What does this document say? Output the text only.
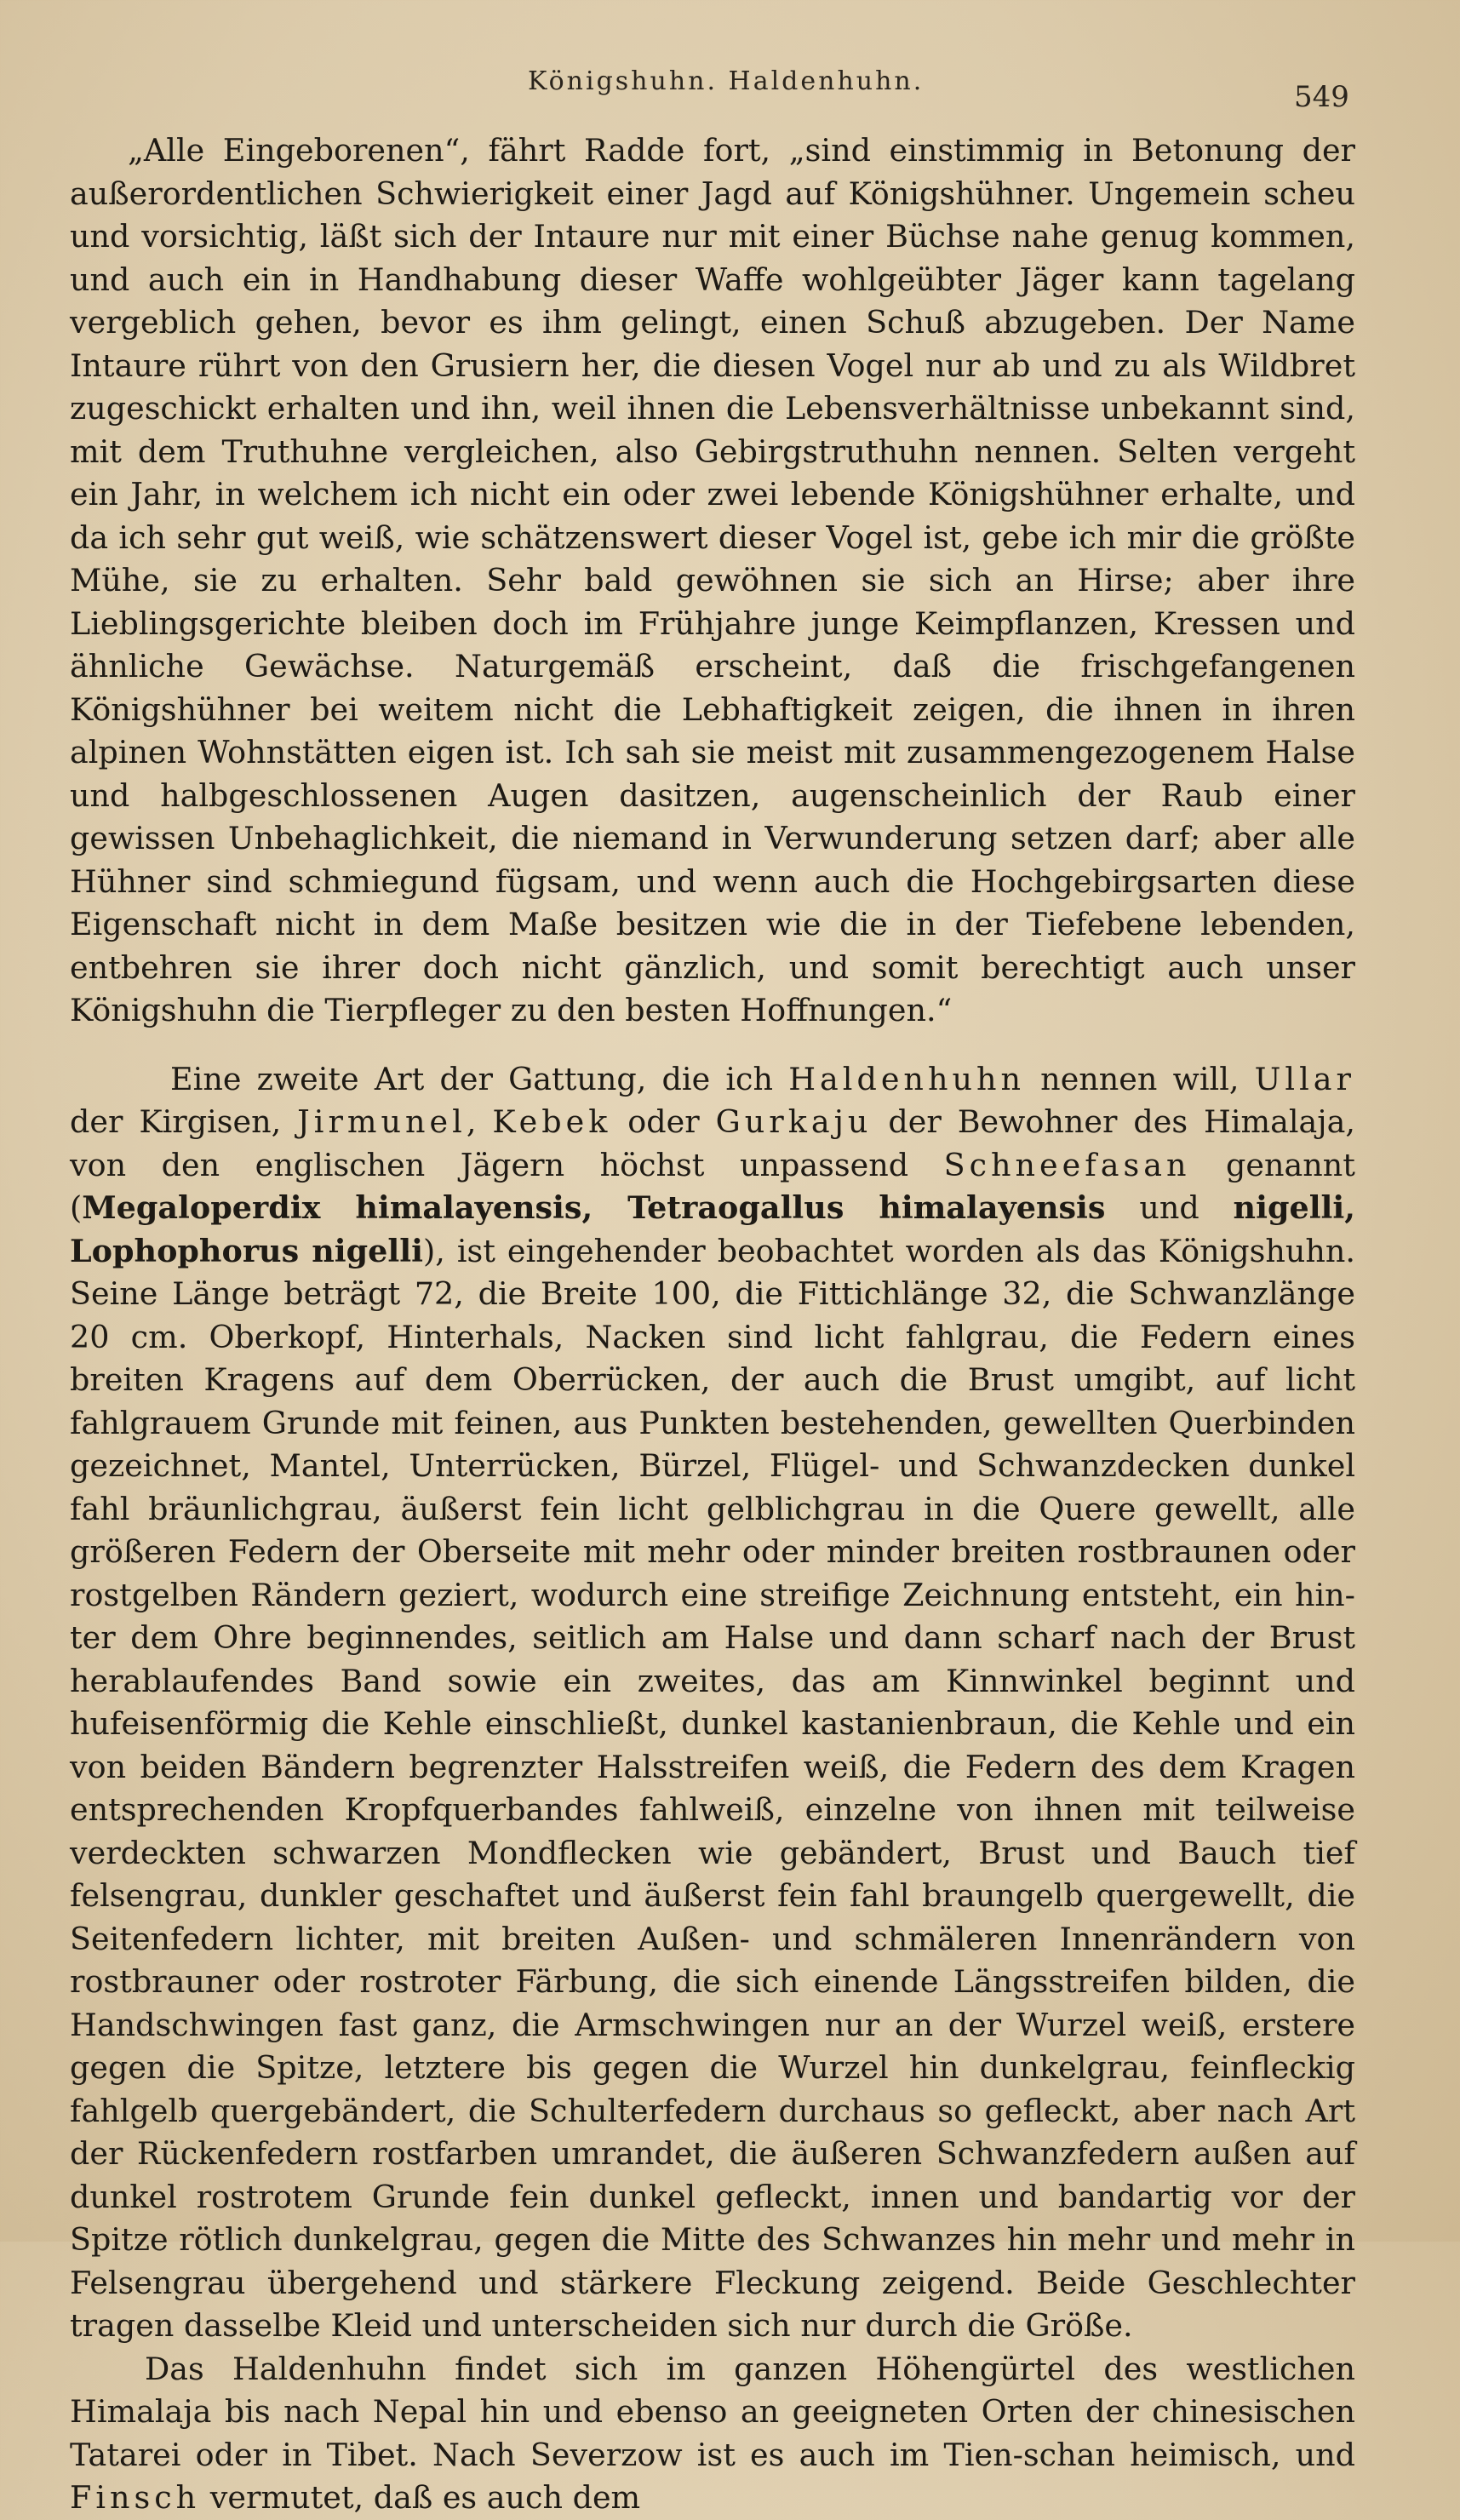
Königshuhn. Haldenhuhn.	549

„Alle Eingeborenen“, fährt Radde fort, „sind einstimmig in Betonung der außerordentlichen Schwierigkeit einer Jagd auf Königshühner. Ungemein scheu und vorsichtig, läßt sich der Intaure nur mit einer Büchse nahe genug kommen, und auch ein in Handhabung dieser Waffe wohlgeübter Jäger kann tagelang vergeblich gehen, bevor es ihm gelingt, einen Schuß abzugeben. Der Name Intaure rührt von den Grusiern her, die diesen Vogel nur ab und zu als Wildbret zugeschickt erhalten und ihn, weil ihnen die Lebensverhältnisse unbekannt sind, mit dem Truthuhne vergleichen, also Gebirgstruthuhn nennen. Selten vergeht ein Jahr, in welchem ich nicht ein oder zwei lebende Königshühner erhalte, und da ich sehr gut weiß, wie schätzenswert dieser Vogel ist, gebe ich mir die größte Mühe, sie zu erhalten. Sehr bald gewöhnen sie sich an Hirse; aber ihre Lieblingsgerichte bleiben doch im Frühjahre junge Keimpflanzen, Kressen und ähnliche Gewächse. Naturgemäß erscheint, daß die frischgefangenen Königshühner bei weitem nicht die Lebhaftigkeit zeigen, die ihnen in ihren alpinen Wohnstätten eigen ist. Ich sah sie meist mit zusammengezogenem Halse und halbgeschlossenen Augen dasitzen, augenscheinlich der Raub einer gewissen Unbehaglichkeit, die niemand in Verwunderung setzen darf; aber alle Hühner sind schmiegund fügsam, und wenn auch die Hochgebirgsarten diese Eigenschaft nicht in dem Maße besitzen wie die in der Tiefebene lebenden, entbehren sie ihrer doch nicht gänzlich, und somit berechtigt auch unser Königshuhn die Tierpfleger zu den besten Hoffnungen.“

Eine zweite Art der Gattung, die ich Haldenhuhn nennen will, Ullar der Kirgisen, Jirmunel, Kebek oder Gurkaju der Bewohner des Himalaja, von den englischen Jägern höchst unpassend Schneefasan genannt (Megaloperdix himalayensis, Tetraogallus himalayensis und nigelli, Lophophorus nigelli), ist eingehender beobachtet worden als das Königshuhn. Seine Länge beträgt 72, die Breite 100, die Fittichlänge 32, die Schwanzlänge 20 cm. Oberkopf, Hinterhals, Nacken sind licht fahlgrau, die Federn eines breiten Kragens auf dem Oberrücken, der auch die Brust umgibt, auf licht fahlgrauem Grunde mit feinen, aus Punkten bestehenden, gewellten Querbinden gezeichnet, Mantel, Unterrücken, Bürzel, Flügel- und Schwanzdecken dunkel fahl bräunlichgrau, äußerst fein licht gelblichgrau in die Quere gewellt, alle größeren Federn der Oberseite mit mehr oder minder breiten rostbraunen oder rostgelben Rändern geziert, wodurch eine streifige Zeichnung entsteht, ein hinter dem Ohre beginnendes, seitlich am Halse und dann scharf nach der Brust herablaufendes Band sowie ein zweites, das am Kinnwinkel beginnt und hufeisenförmig die Kehle einschließt, dunkel kastanienbraun, die Kehle und ein von beiden Bändern begrenzter Halsstreifen weiß, die Federn des dem Kragen entsprechenden Kropfquerbandes fahlweiß, einzelne von ihnen mit teilweise verdeckten schwarzen Mondflecken wie gebändert, Brust und Bauch tief felsengrau, dunkler geschaftet und äußerst fein fahl braungelb quergewellt, die Seitenfedern lichter, mit breiten Außen- und schmäleren Innenrändern von rostbrauner oder rostroter Färbung, die sich einende Längsstreifen bilden, die Handschwingen fast ganz, die Armschwingen nur an der Wurzel weiß, erstere gegen die Spitze, letztere bis gegen die Wurzel hin dunkelgrau, feinfleckig fahlgelb quergebändert, die Schulterfedern durchaus so gefleckt, aber nach Art der Rückenfedern rostfarben umrandet, die äußeren Schwanzfedern außen auf dunkel rostrotem Grunde fein dunkel gefleckt, innen und bandartig vor der Spitze rötlich dunkelgrau, gegen die Mitte des Schwanzes hin mehr und mehr in Felsengrau übergehend und stärkere Fleckung zeigend. Beide Geschlechter tragen dasselbe Kleid und unterscheiden sich nur durch die Größe.

Das Haldenhuhn findet sich im ganzen Höhengürtel des westlichen Himalaja bis nach Nepal hin und ebenso an geeigneten Orten der chinesischen Tatarei oder in Tibet. Nach Severzow ist es auch im Tien-schan heimisch, und Finsch vermutet, daß es auch dem
